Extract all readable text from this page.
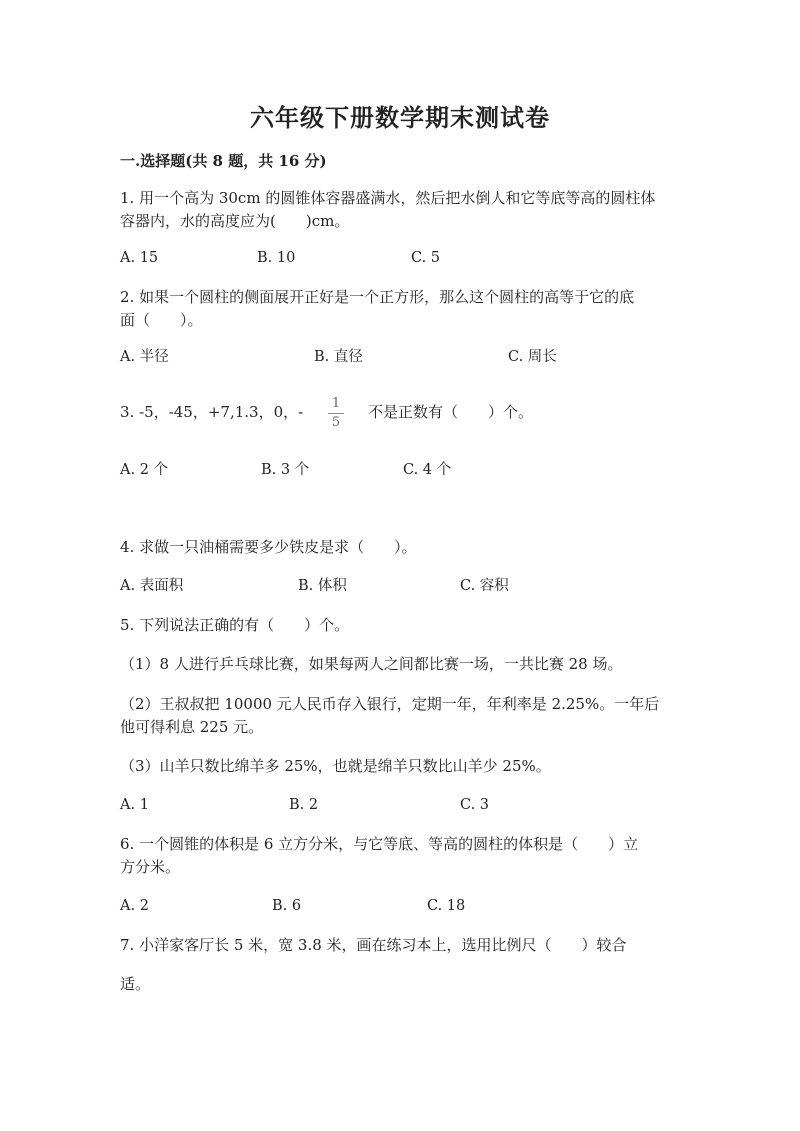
六年级下册数学期末测试卷
一.选择题(共 8 题，共 16 分)
1. 用一个高为 30cm 的圆锥体容器盛满水，然后把水倒人和它等底等高的圆柱体
容器内，水的高度应为(　　)cm。
A. 15	B. 10	C. 5
2. 如果一个圆柱的侧面展开正好是一个正方形，那么这个圆柱的高等于它的底
面（　　）。
A. 半径	B. 直径	C. 周长
3. -5，-45，+7,1.3，0，-	1
5
不是正数有（　　）个。
A. 2 个	B. 3 个	C. 4 个
4. 求做一只油桶需要多少铁皮是求（　　）。
A. 表面积	B. 体积	C. 容积
5. 下列说法正确的有（　　）个。
（1）8 人进行乒乓球比赛，如果每两人之间都比赛一场，一共比赛 28 场。
（2）王叔叔把 10000 元人民币存入银行，定期一年，年利率是 2.25%。一年后
他可得利息 225 元。
（3）山羊只数比绵羊多 25%，也就是绵羊只数比山羊少 25%。
A. 1	B. 2	C. 3
6. 一个圆锥的体积是 6 立方分米，与它等底、等高的圆柱的体积是（　　）立
方分米。
A. 2	B. 6	C. 18
7. 小洋家客厅长 5 米，宽 3.8 米，画在练习本上，选用比例尺（　　）较合
适。
